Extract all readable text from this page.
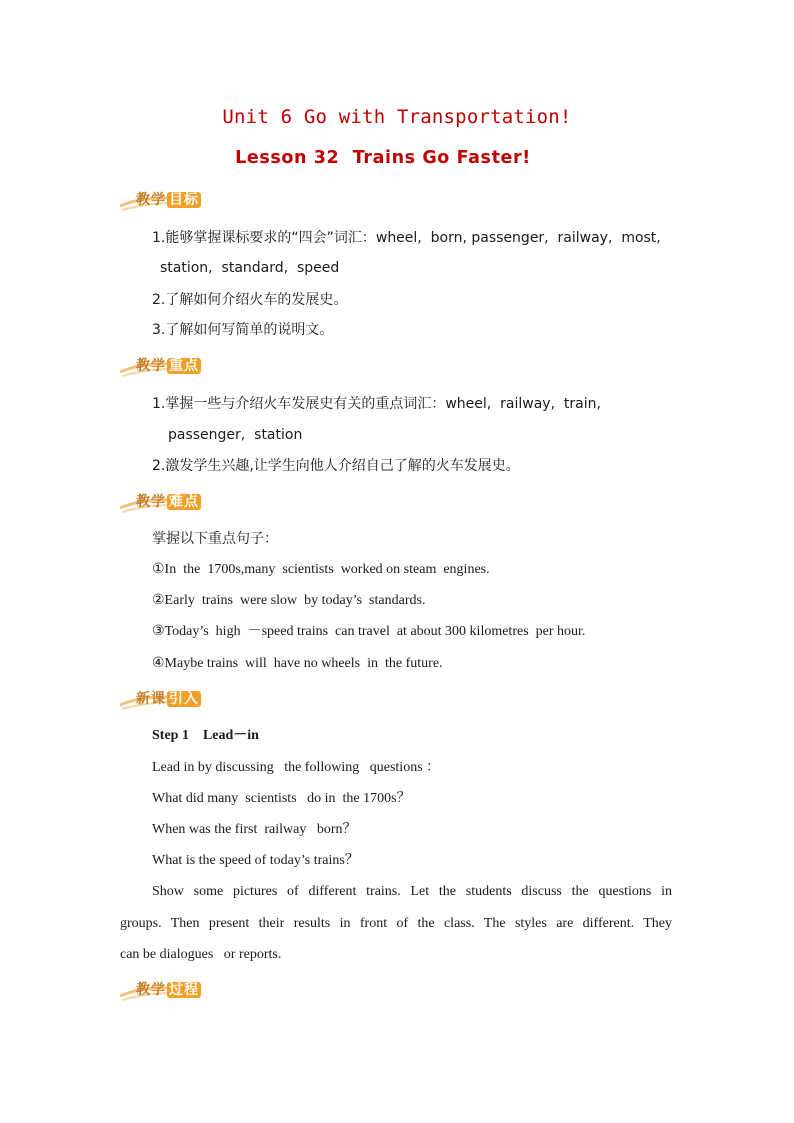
Unit 6 Go with Transportation!
Lesson 32  Trains Go Faster!
教学 目标
1.能够掌握课标要求的“四会”词汇：wheel,  born, passenger,  railway,  most,
station,  standard,  speed
2.了解如何介绍火车的发展史。
3.了解如何写简单的说明文。
教学 重点
1.掌握一些与介绍火车发展史有关的重点词汇：wheel,  railway,  train,
passenger,  station
2.激发学生兴趣,让学生向他人介绍自己了解的火车发展史。
教学 难点
掌握以下重点句子：
①In  the  1700s,many  scientists  worked on steam  engines.
②Early  trains  were slow  by today’s  standards.
③Today’s  high  －speed trains  can travel  at about 300 kilometres  per hour.
④Maybe trains  will  have no wheels  in  the future.
新课 引入
Step 1    Lead－in
Lead in by discussing   the following   questions ：
What did many  scientists   do in  the 1700s？
When was the first  railway   born？
What is the speed of today’s trains？
Show some pictures of different trains. Let the students discuss the questions in
groups. Then present their results in front of the class. The styles are different. They
can be dialogues   or reports.
教学 过程
